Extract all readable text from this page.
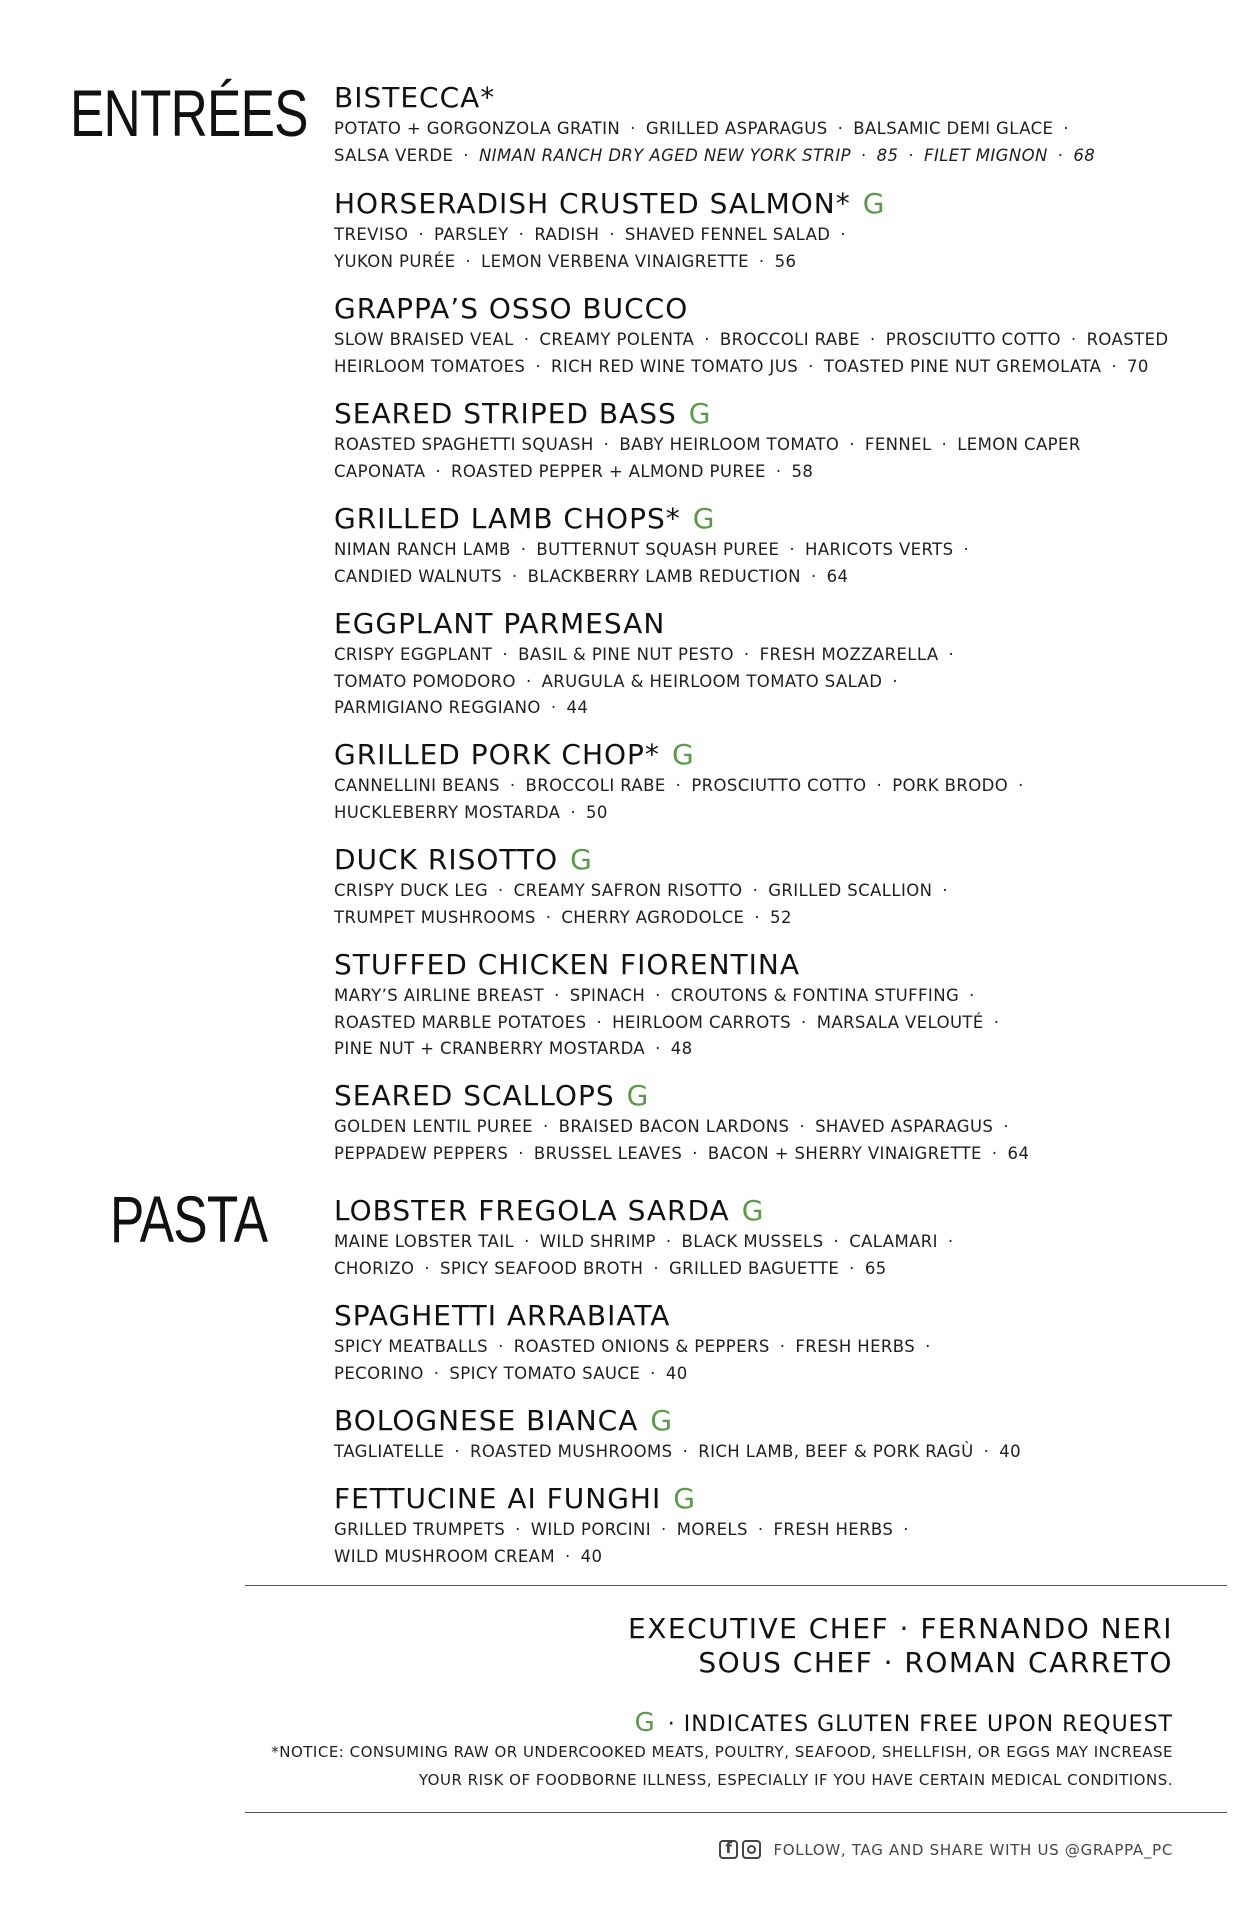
ENTRÉES
PASTA

BISTECCA*

POTATO + GORGONZOLA GRATIN · GRILLED ASPARAGUS · BALSAMIC DEMI GLACE ·

SALSA VERDE · NIMAN RANCH DRY AGED NEW YORK STRIP · 85 · FILET MIGNON · 68

HORSERADISH CRUSTED SALMON* G

TREVISO · PARSLEY · RADISH · SHAVED FENNEL SALAD ·

YUKON PURÉE · LEMON VERBENA VINAIGRETTE · 56

GRAPPA’S OSSO BUCCO

SLOW BRAISED VEAL · CREAMY POLENTA · BROCCOLI RABE · PROSCIUTTO COTTO · ROASTED

HEIRLOOM TOMATOES · RICH RED WINE TOMATO JUS · TOASTED PINE NUT GREMOLATA · 70

SEARED STRIPED BASS G

ROASTED SPAGHETTI SQUASH · BABY HEIRLOOM TOMATO · FENNEL · LEMON CAPER

CAPONATA · ROASTED PEPPER + ALMOND PUREE · 58

GRILLED LAMB CHOPS* G

NIMAN RANCH LAMB · BUTTERNUT SQUASH PUREE · HARICOTS VERTS ·

CANDIED WALNUTS · BLACKBERRY LAMB REDUCTION · 64

EGGPLANT PARMESAN

CRISPY EGGPLANT · BASIL & PINE NUT PESTO · FRESH MOZZARELLA ·

TOMATO POMODORO · ARUGULA & HEIRLOOM TOMATO SALAD ·

PARMIGIANO REGGIANO · 44

GRILLED PORK CHOP* G

CANNELLINI BEANS · BROCCOLI RABE · PROSCIUTTO COTTO · PORK BRODO ·

HUCKLEBERRY MOSTARDA · 50

DUCK RISOTTO G

CRISPY DUCK LEG · CREAMY SAFRON RISOTTO · GRILLED SCALLION ·

TRUMPET MUSHROOMS · CHERRY AGRODOLCE · 52

STUFFED CHICKEN FIORENTINA

MARY’S AIRLINE BREAST · SPINACH · CROUTONS & FONTINA STUFFING ·

ROASTED MARBLE POTATOES · HEIRLOOM CARROTS · MARSALA VELOUTÉ ·

PINE NUT + CRANBERRY MOSTARDA · 48

SEARED SCALLOPS G

GOLDEN LENTIL PUREE · BRAISED BACON LARDONS · SHAVED ASPARAGUS ·

PEPPADEW PEPPERS · BRUSSEL LEAVES · BACON + SHERRY VINAIGRETTE · 64

LOBSTER FREGOLA SARDA G

MAINE LOBSTER TAIL · WILD SHRIMP · BLACK MUSSELS · CALAMARI ·

CHORIZO · SPICY SEAFOOD BROTH · GRILLED BAGUETTE · 65

SPAGHETTI ARRABIATA

SPICY MEATBALLS · ROASTED ONIONS & PEPPERS · FRESH HERBS ·

PECORINO · SPICY TOMATO SAUCE · 40

BOLOGNESE BIANCA G

TAGLIATELLE · ROASTED MUSHROOMS · RICH LAMB, BEEF & PORK RAGÙ · 40

FETTUCINE AI FUNGHI G

GRILLED TRUMPETS · WILD PORCINI · MORELS · FRESH HERBS ·

WILD MUSHROOM CREAM · 40

EXECUTIVE CHEF · FERNANDO NERI
SOUS CHEF · ROMAN CARRETO
G · INDICATES GLUTEN FREE UPON REQUEST
*NOTICE: CONSUMING RAW OR UNDERCOOKED MEATS, POULTRY, SEAFOOD, SHELLFISH, OR EGGS MAY INCREASE
YOUR RISK OF FOODBORNE ILLNESS, ESPECIALLY IF YOU HAVE CERTAIN MEDICAL CONDITIONS.
f
FOLLOW, TAG AND SHARE WITH US @GRAPPA_PC
